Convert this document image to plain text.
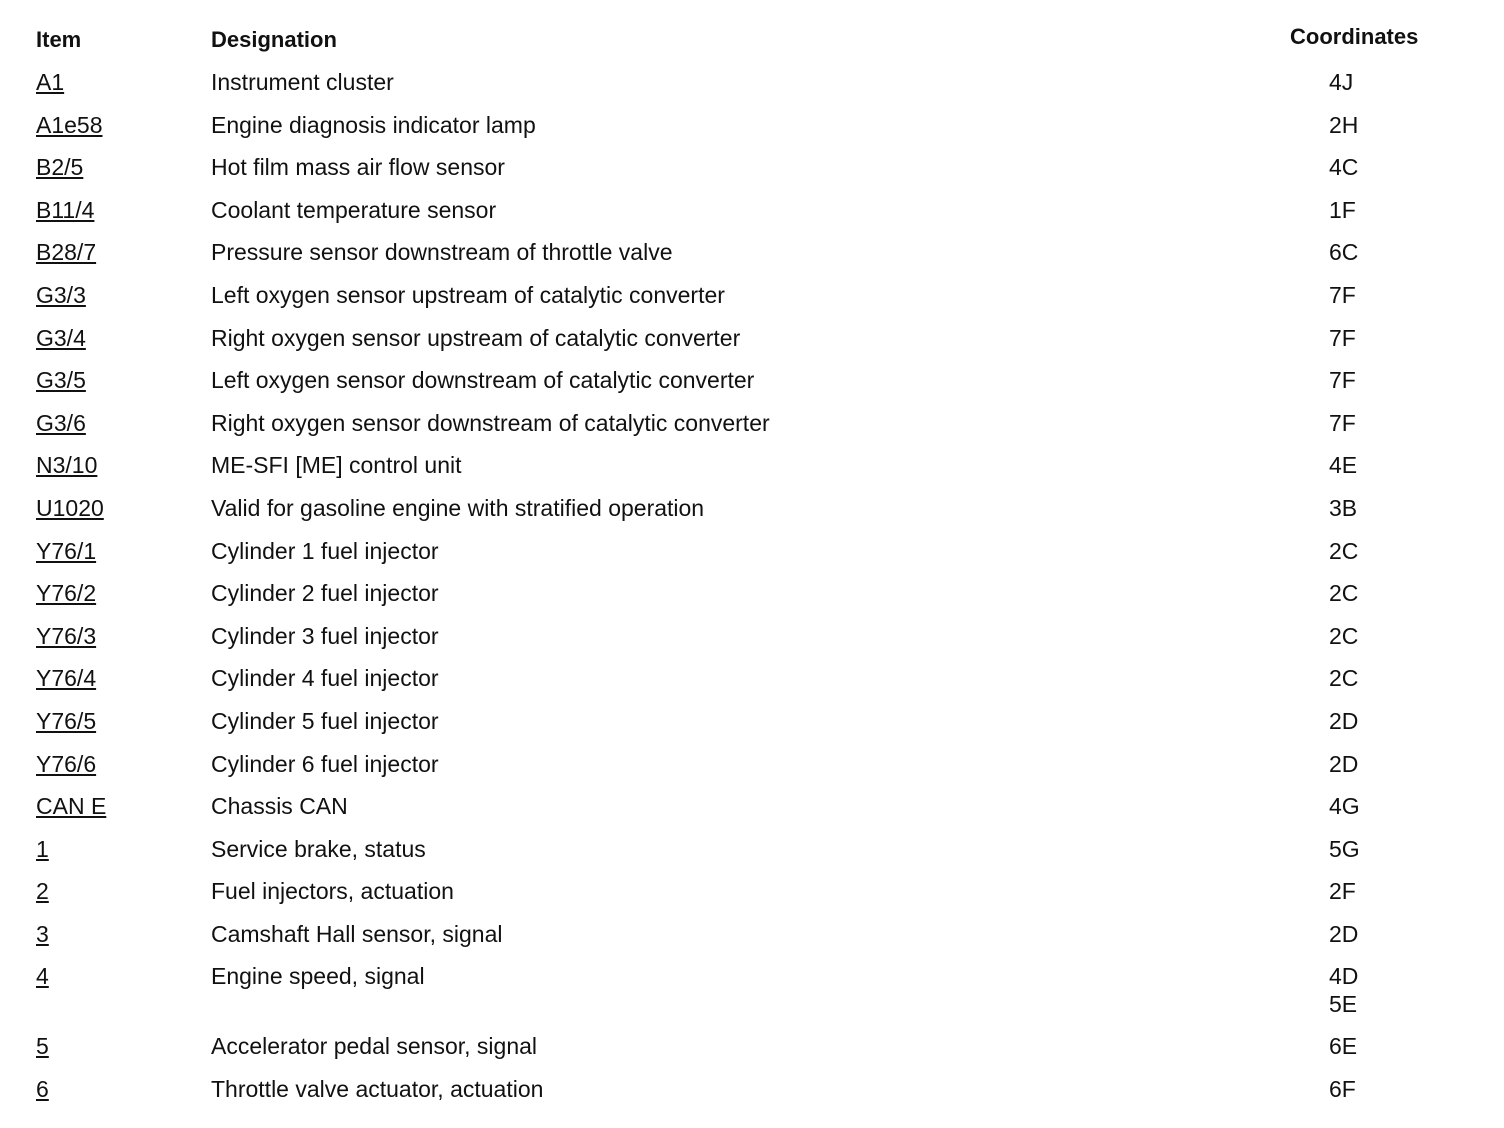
Item	Designation	Coordinates
A1	Instrument cluster	4J
A1e58	Engine diagnosis indicator lamp	2H
B2/5	Hot film mass air flow sensor	4C
B11/4	Coolant temperature sensor	1F
B28/7	Pressure sensor downstream of throttle valve	6C
G3/3	Left oxygen sensor upstream of catalytic converter	7F
G3/4	Right oxygen sensor upstream of catalytic converter	7F
G3/5	Left oxygen sensor downstream of catalytic converter	7F
G3/6	Right oxygen sensor downstream of catalytic converter	7F
N3/10	ME-SFI [ME] control unit	4E
U1020	Valid for gasoline engine with stratified operation	3B
Y76/1	Cylinder 1 fuel injector	2C
Y76/2	Cylinder 2 fuel injector	2C
Y76/3	Cylinder 3 fuel injector	2C
Y76/4	Cylinder 4 fuel injector	2C
Y76/5	Cylinder 5 fuel injector	2D
Y76/6	Cylinder 6 fuel injector	2D
CAN E	Chassis CAN	4G
1	Service brake, status	5G
2	Fuel injectors, actuation	2F
3	Camshaft Hall sensor, signal	2D
4	Engine speed, signal	4D
5E
5	Accelerator pedal sensor, signal	6E
6	Throttle valve actuator, actuation	6F
